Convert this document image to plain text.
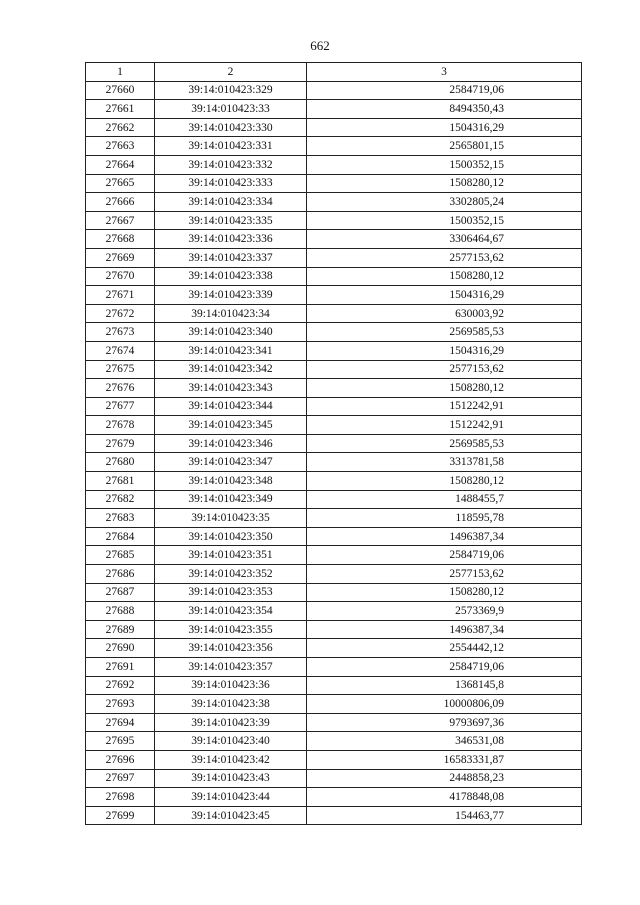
662
1	2	3
27660	39:14:010423:329	2584719,06
27661	39:14:010423:33	8494350,43
27662	39:14:010423:330	1504316,29
27663	39:14:010423:331	2565801,15
27664	39:14:010423:332	1500352,15
27665	39:14:010423:333	1508280,12
27666	39:14:010423:334	3302805,24
27667	39:14:010423:335	1500352,15
27668	39:14:010423:336	3306464,67
27669	39:14:010423:337	2577153,62
27670	39:14:010423:338	1508280,12
27671	39:14:010423:339	1504316,29
27672	39:14:010423:34	630003,92
27673	39:14:010423:340	2569585,53
27674	39:14:010423:341	1504316,29
27675	39:14:010423:342	2577153,62
27676	39:14:010423:343	1508280,12
27677	39:14:010423:344	1512242,91
27678	39:14:010423:345	1512242,91
27679	39:14:010423:346	2569585,53
27680	39:14:010423:347	3313781,58
27681	39:14:010423:348	1508280,12
27682	39:14:010423:349	1488455,7
27683	39:14:010423:35	118595,78
27684	39:14:010423:350	1496387,34
27685	39:14:010423:351	2584719,06
27686	39:14:010423:352	2577153,62
27687	39:14:010423:353	1508280,12
27688	39:14:010423:354	2573369,9
27689	39:14:010423:355	1496387,34
27690	39:14:010423:356	2554442,12
27691	39:14:010423:357	2584719,06
27692	39:14:010423:36	1368145,8
27693	39:14:010423:38	10000806,09
27694	39:14:010423:39	9793697,36
27695	39:14:010423:40	346531,08
27696	39:14:010423:42	16583331,87
27697	39:14:010423:43	2448858,23
27698	39:14:010423:44	4178848,08
27699	39:14:010423:45	154463,77
